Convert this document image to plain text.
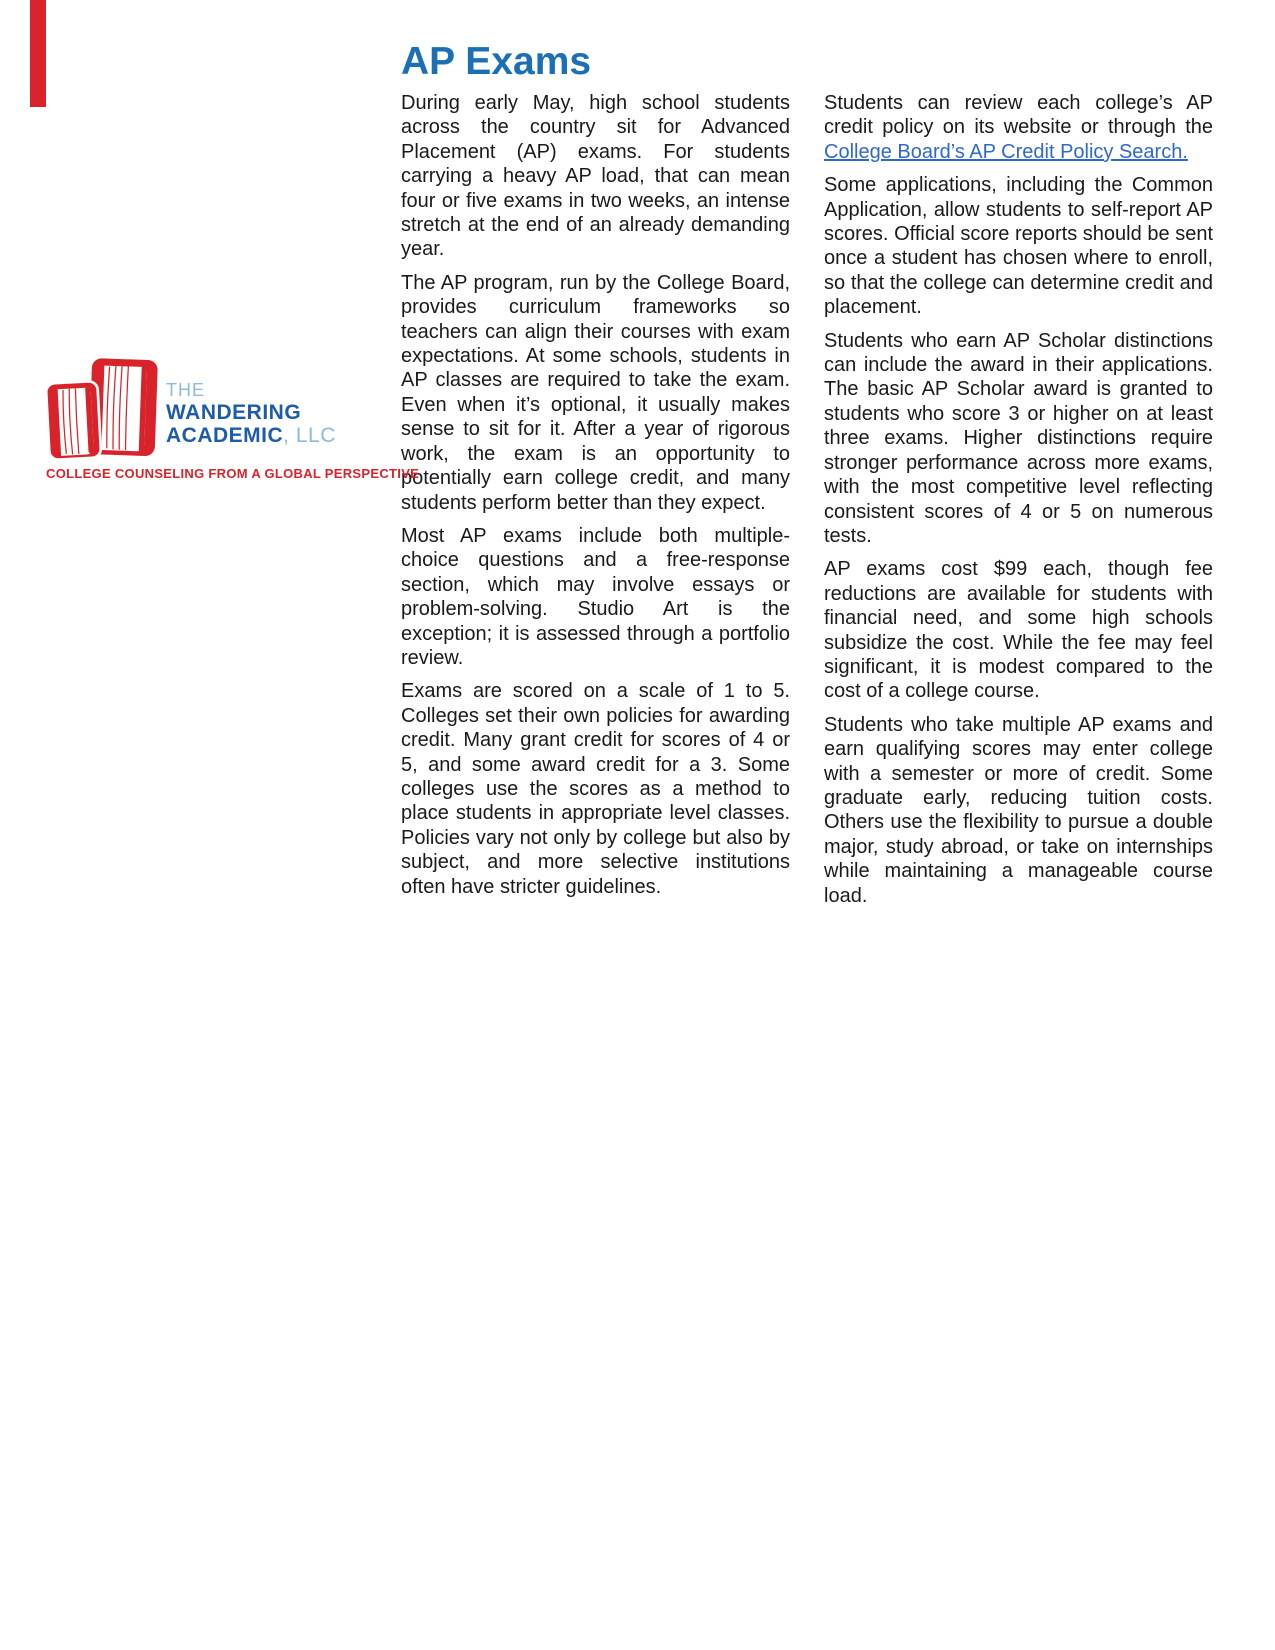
AP Exams

During early May, high school students across the country sit for Advanced Placement (AP) exams. For students carrying a heavy AP load, that can mean four or five exams in two weeks, an intense stretch at the end of an already demanding year.

The AP program, run by the College Board, provides curriculum frameworks so teachers can align their courses with exam expectations. At some schools, students in AP classes are required to take the exam. Even when it’s optional, it usually makes sense to sit for it. After a year of rigorous work, the exam is an opportunity to potentially earn college credit, and many students perform better than they expect.

Most AP exams include both multiple-choice questions and a free-response section, which may involve essays or problem-solving. Studio Art is the exception; it is assessed through a portfolio review.

Exams are scored on a scale of 1 to 5. Colleges set their own policies for awarding credit. Many grant credit for scores of 4 or 5, and some award credit for a 3. Some colleges use the scores as a method to place students in appropriate level classes. Policies vary not only by college but also by subject, and more selective institutions often have stricter guidelines.

Students can review each college’s AP credit policy on its website or through the College Board’s AP Credit Policy Search.

Some applications, including the Common Application, allow students to self-report AP scores. Official score reports should be sent once a student has chosen where to enroll, so that the college can determine credit and placement.

Students who earn AP Scholar distinctions can include the award in their applications. The basic AP Scholar award is granted to students who score 3 or higher on at least three exams. Higher distinctions require stronger performance across more exams, with the most competitive level reflecting consistent scores of 4 or 5 on numerous tests.

AP exams cost $99 each, though fee reductions are available for students with financial need, and some high schools subsidize the cost. While the fee may feel significant, it is modest compared to the cost of a college course.

Students who take multiple AP exams and earn qualifying scores may enter college with a semester or more of credit. Some graduate early, reducing tuition costs. Others use the flexibility to pursue a double major, study abroad, or take on internships while maintaining a manageable course load.

THE
WANDERING
ACADEMIC, LLC
COLLEGE COUNSELING FROM A GLOBAL PERSPECTIVE
